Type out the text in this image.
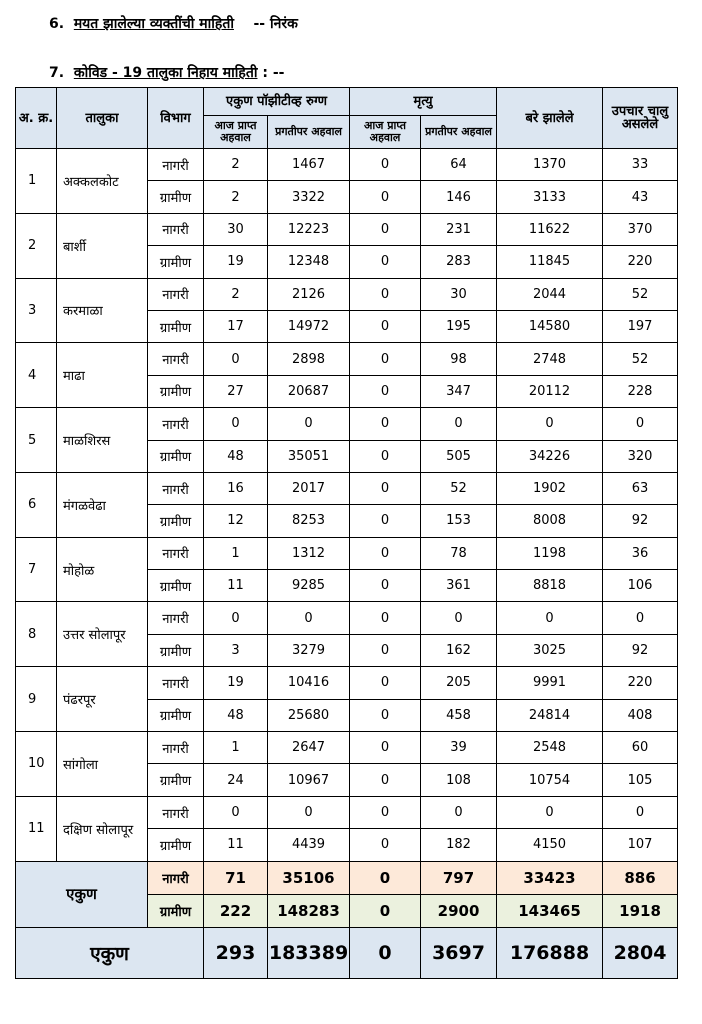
6. मयत झालेल्या व्यक्तींची माहिती -- निरंक
7. कोविड - 19 तालुका निहाय माहिती : --
अ. क्र.	तालुका	विभाग	एकुण पॉझीटीव्ह रुग्ण		मृत्यु		बरे झालेले	उपचार चालु असलेले
			आज प्राप्त अहवाल	प्रगतीपर अहवाल	आज प्राप्त अहवाल	प्रगतीपर अहवाल		
1	अक्कलकोट	नागरी	2	1467	0	64	1370	33
		ग्रामीण	2	3322	0	146	3133	43
2	बार्शी	नागरी	30	12223	0	231	11622	370
		ग्रामीण	19	12348	0	283	11845	220
3	करमाळा	नागरी	2	2126	0	30	2044	52
		ग्रामीण	17	14972	0	195	14580	197
4	माढा	नागरी	0	2898	0	98	2748	52
		ग्रामीण	27	20687	0	347	20112	228
5	माळशिरस	नागरी	0	0	0	0	0	0
		ग्रामीण	48	35051	0	505	34226	320
6	मंगळवेढा	नागरी	16	2017	0	52	1902	63
		ग्रामीण	12	8253	0	153	8008	92
7	मोहोळ	नागरी	1	1312	0	78	1198	36
		ग्रामीण	11	9285	0	361	8818	106
8	उत्तर सोलापूर	नागरी	0	0	0	0	0	0
		ग्रामीण	3	3279	0	162	3025	92
9	पंढरपूर	नागरी	19	10416	0	205	9991	220
		ग्रामीण	48	25680	0	458	24814	408
10	सांगोला	नागरी	1	2647	0	39	2548	60
		ग्रामीण	24	10967	0	108	10754	105
11	दक्षिण सोलापूर	नागरी	0	0	0	0	0	0
		ग्रामीण	11	4439	0	182	4150	107
एकुण		नागरी	71	35106	0	797	33423	886
		ग्रामीण	222	148283	0	2900	143465	1918
एकुण			293	183389	0	3697	176888	2804
